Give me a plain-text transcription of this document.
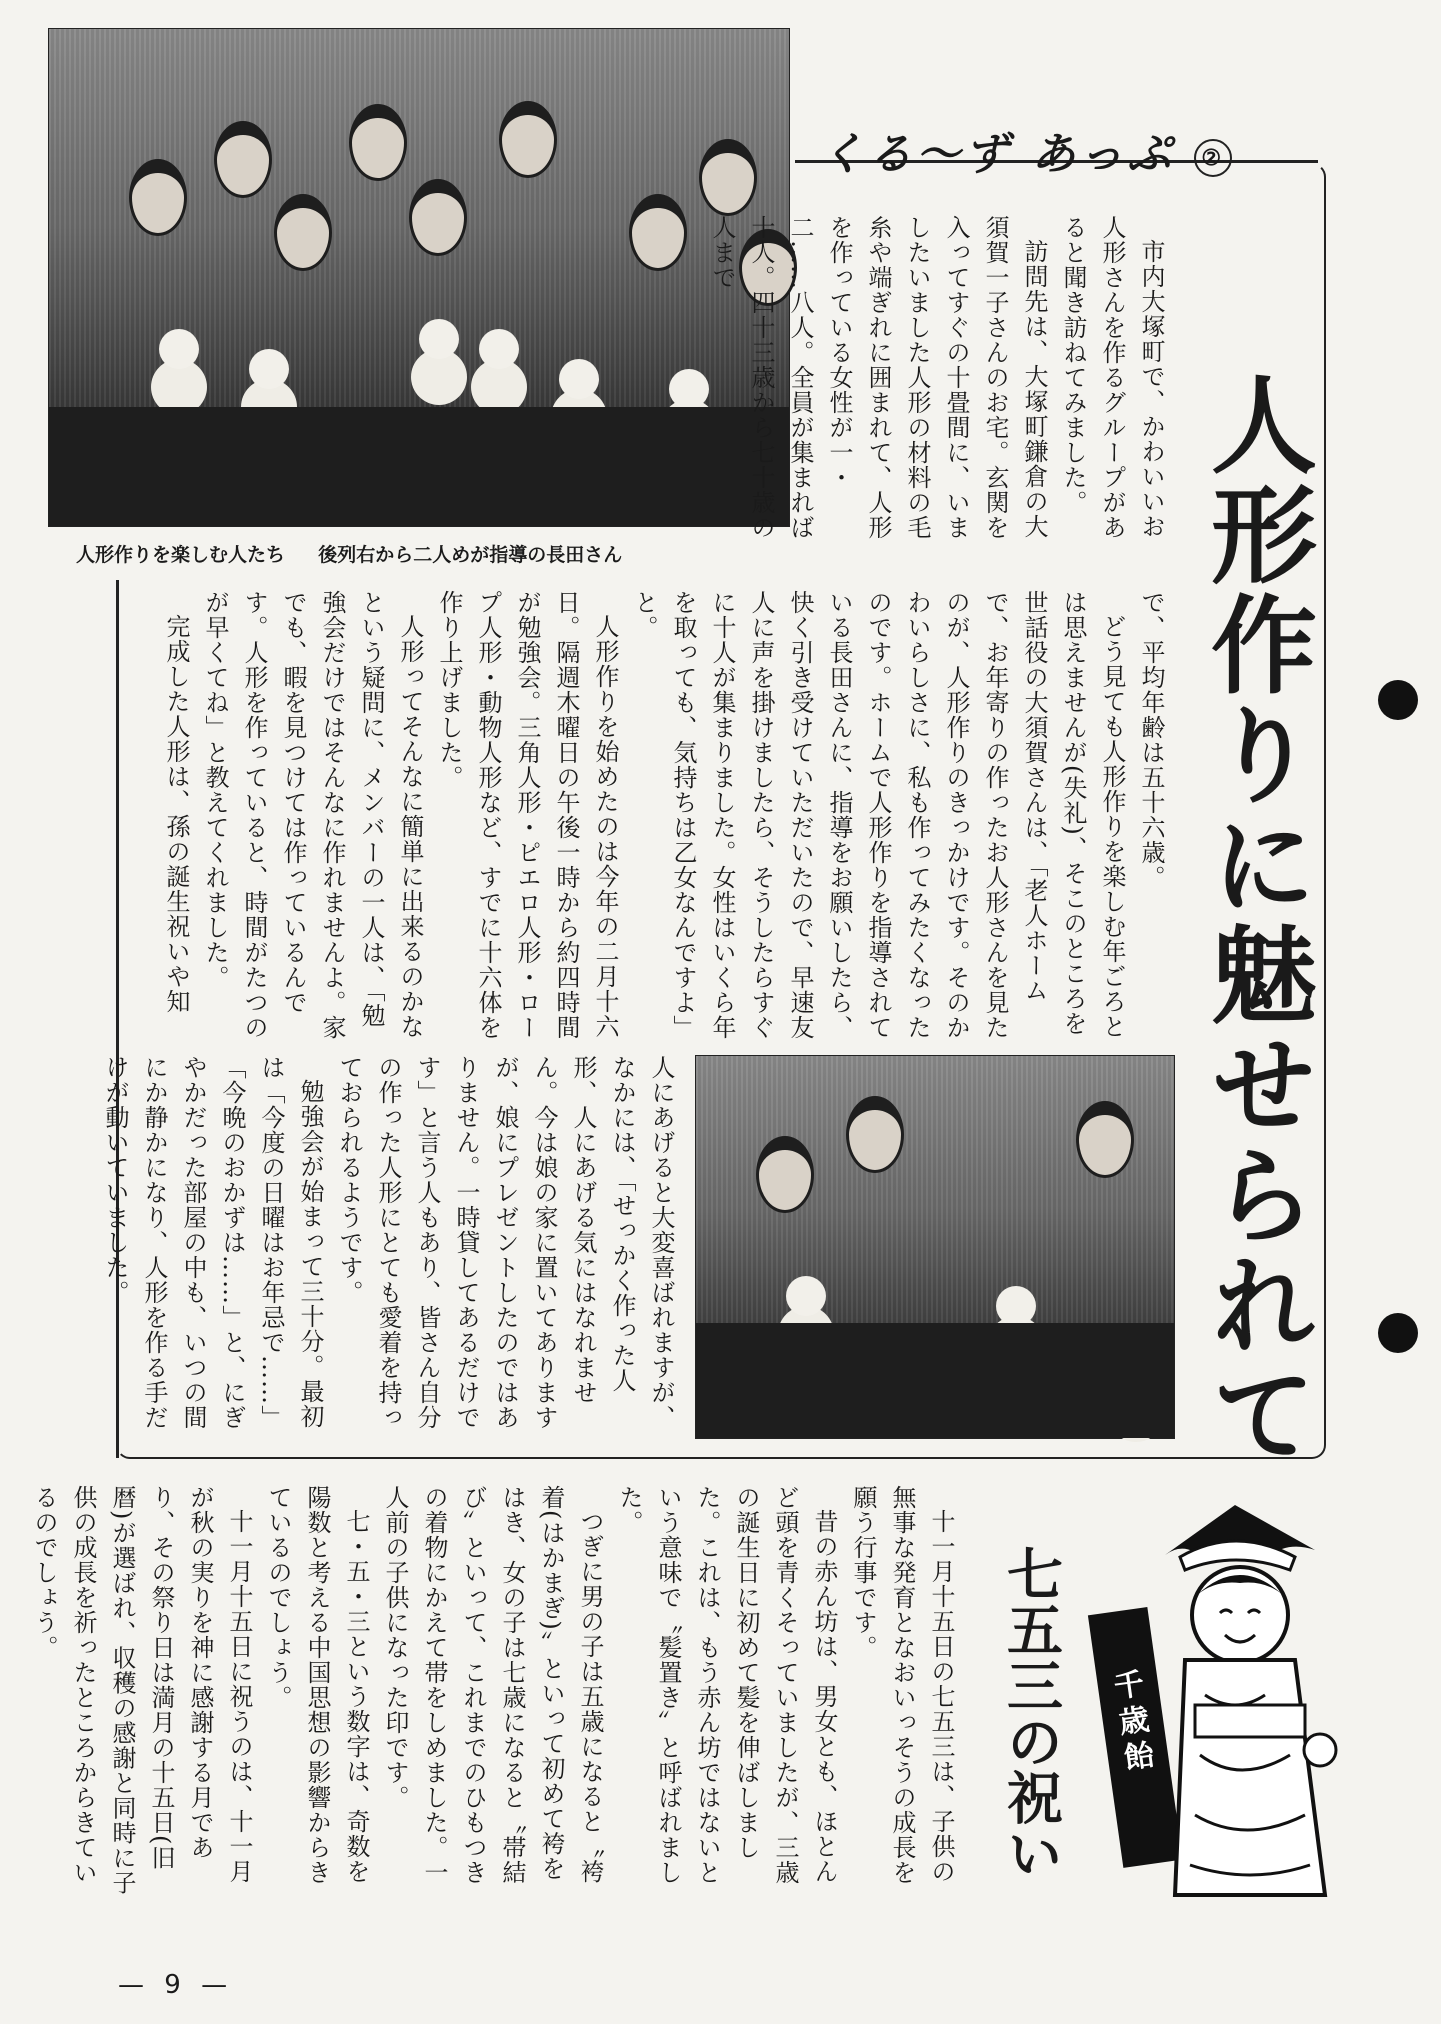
人形作りを楽しむ人たち 後列右から二人めが指導の長田さん
くる〜ず あっぷ ②
人形作りに魅せられて

市内大塚町で、かわいいお人形さんを作るグループがあると聞き訪ねてみました。

訪問先は、大塚町鎌倉の大須賀一子さんのお宅。玄関を入ってすぐの十畳間に、いましたいました人形の材料の毛糸や端ぎれに囲まれて、人形を作っている女性が一・二……八人。全員が集まれば十人。四十三歳から七十歳の人まで

で、平均年齢は五十六歳。

どう見ても人形作りを楽しむ年ごろとは思えませんが(失礼)、そこのところを世話役の大須賀さんは、「老人ホームで、お年寄りの作ったお人形さんを見たのが、人形作りのきっかけです。そのかわいらしさに、私も作ってみたくなったのです。ホームで人形作りを指導されている長田さんに、指導をお願いしたら、快く引き受けていただいたので、早速友人に声を掛けましたら、そうしたらすぐに十人が集まりました。女性はいくら年を取っても、気持ちは乙女なんですよ」と。

人形作りを始めたのは今年の二月十六日。隔週木曜日の午後一時から約四時間が勉強会。三角人形・ピエロ人形・ロープ人形・動物人形など、すでに十六体を作り上げました。

人形ってそんなに簡単に出来るのかなという疑問に、メンバーの一人は、「勉強会だけではそんなに作れませんよ。家でも、暇を見つけては作っているんです。人形を作っていると、時間がたつのが早くてね」と教えてくれました。

完成した人形は、孫の誕生祝いや知

人にあげると大変喜ばれますが、なかには、「せっかく作った人形、人にあげる気にはなれません。今は娘の家に置いてありますが、娘にプレゼントしたのではありません。一時貸してあるだけです」と言う人もあり、皆さん自分の作った人形にとても愛着を持っておられるようです。

勉強会が始まって三十分。最初は「今度の日曜はお年忌で……」「今晩のおかずは……」と、にぎやかだった部屋の中も、いつの間にか静かになり、人形を作る手だけが動いていました。

七五三の祝い

十一月十五日の七五三は、子供の無事な発育となおいっそうの成長を願う行事です。

昔の赤ん坊は、男女とも、ほとんど頭を青くそっていましたが、三歳の誕生日に初めて髪を伸ばしました。これは、もう赤ん坊ではないという意味で〝髪置き〟と呼ばれました。

つぎに男の子は五歳になると〝袴着(はかまぎ)〟といって初めて袴をはき、女の子は七歳になると〝帯結び〟といって、これまでのひもつきの着物にかえて帯をしめました。一人前の子供になった印です。

七・五・三という数字は、奇数を陽数と考える中国思想の影響からきているのでしょう。

十一月十五日に祝うのは、十一月が秋の実りを神に感謝する月であり、その祭り日は満月の十五日(旧暦)が選ばれ、収穫の感謝と同時に子供の成長を祈ったところからきているのでしょう。

千歳飴
— 9 —
